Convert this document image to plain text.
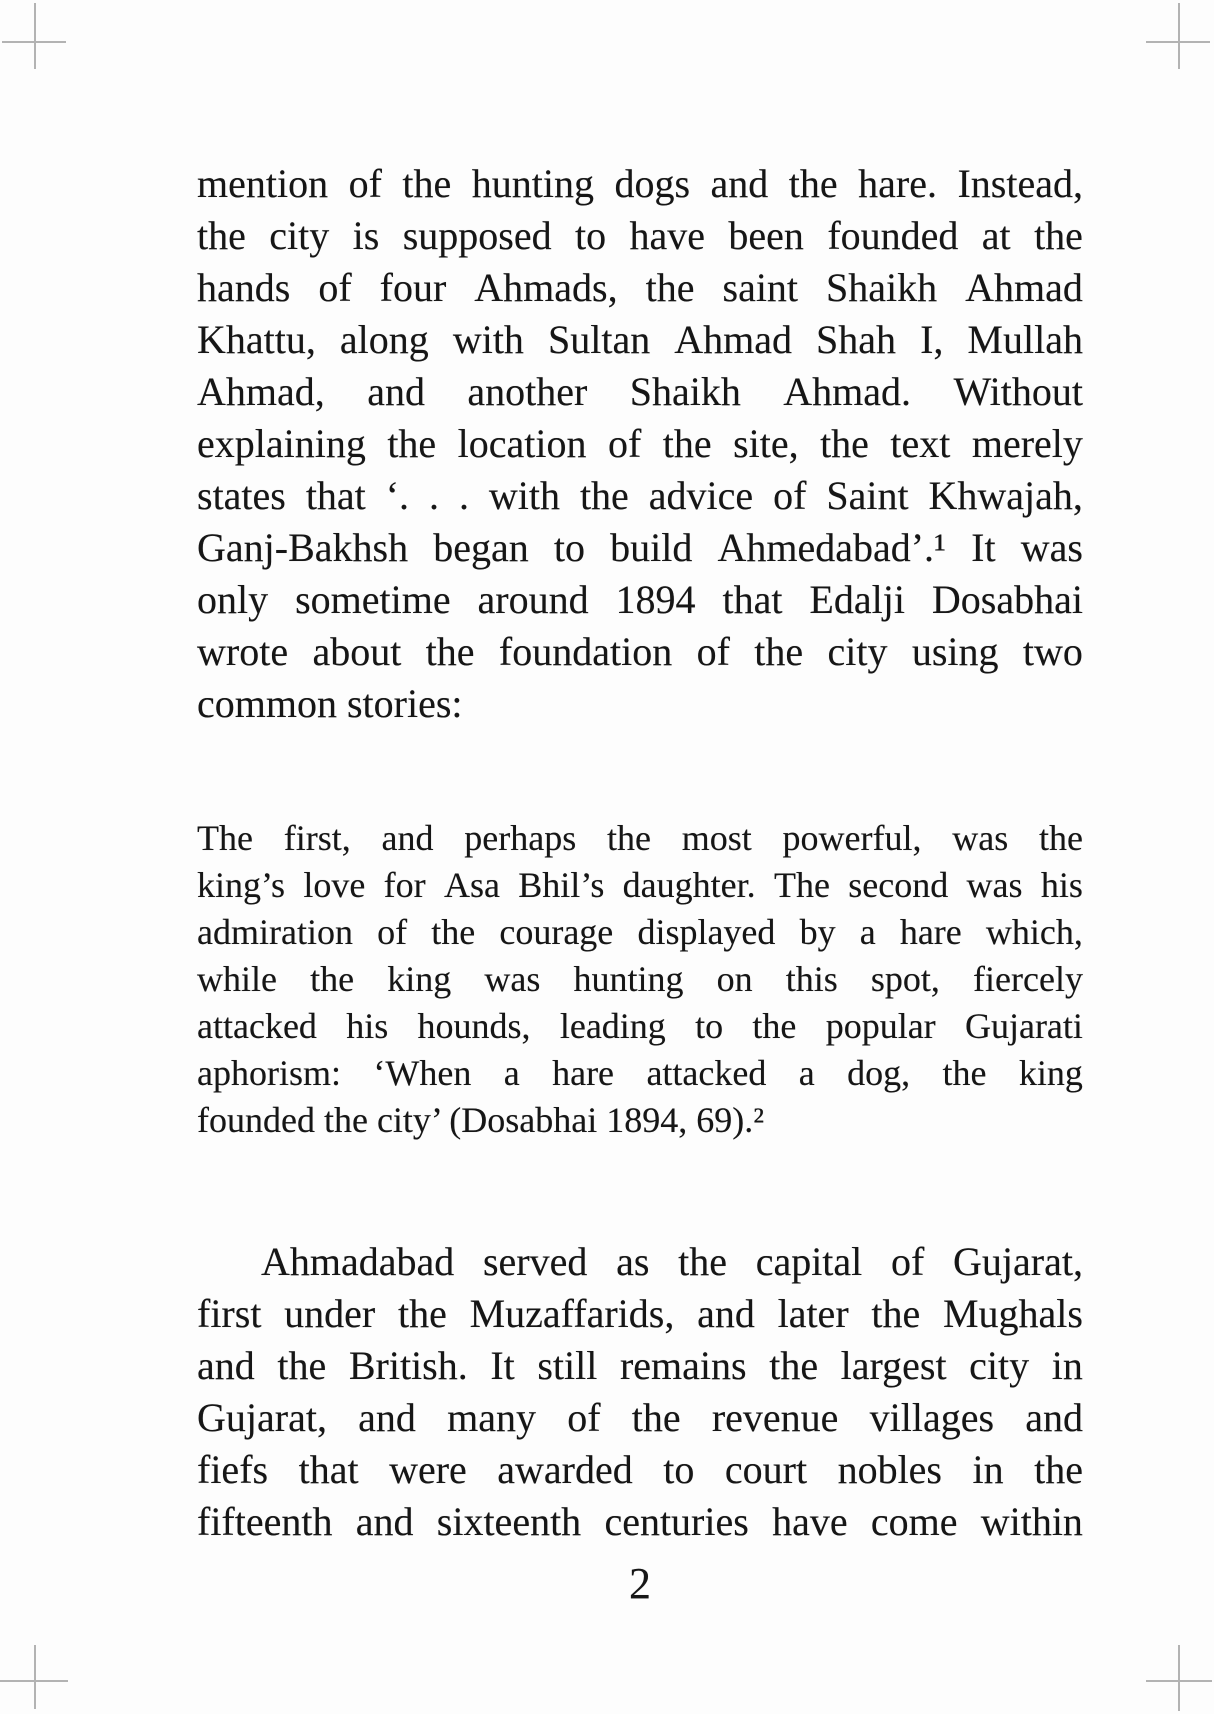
mention of the hunting dogs and the hare. Instead,
the city is supposed to have been founded at the
hands of four Ahmads, the saint Shaikh Ahmad
Khattu, along with Sultan Ahmad Shah I, Mullah
Ahmad, and another Shaikh Ahmad. Without
explaining the location of the site, the text merely
states that ‘. . . with the advice of Saint Khwajah,
Ganj-Bakhsh began to build Ahmedabad’.¹ It was
only sometime around 1894 that Edalji Dosabhai
wrote about the foundation of the city using two
common stories:
The first, and perhaps the most powerful, was the
king’s love for Asa Bhil’s daughter. The second was his
admiration of the courage displayed by a hare which,
while the king was hunting on this spot, fiercely
attacked his hounds, leading to the popular Gujarati
aphorism: ‘When a hare attacked a dog, the king
founded the city’ (Dosabhai 1894, 69).²
Ahmadabad served as the capital of Gujarat,
first under the Muzaffarids, and later the Mughals
and the British. It still remains the largest city in
Gujarat, and many of the revenue villages and
fiefs that were awarded to court nobles in the
fifteenth and sixteenth centuries have come within
2
